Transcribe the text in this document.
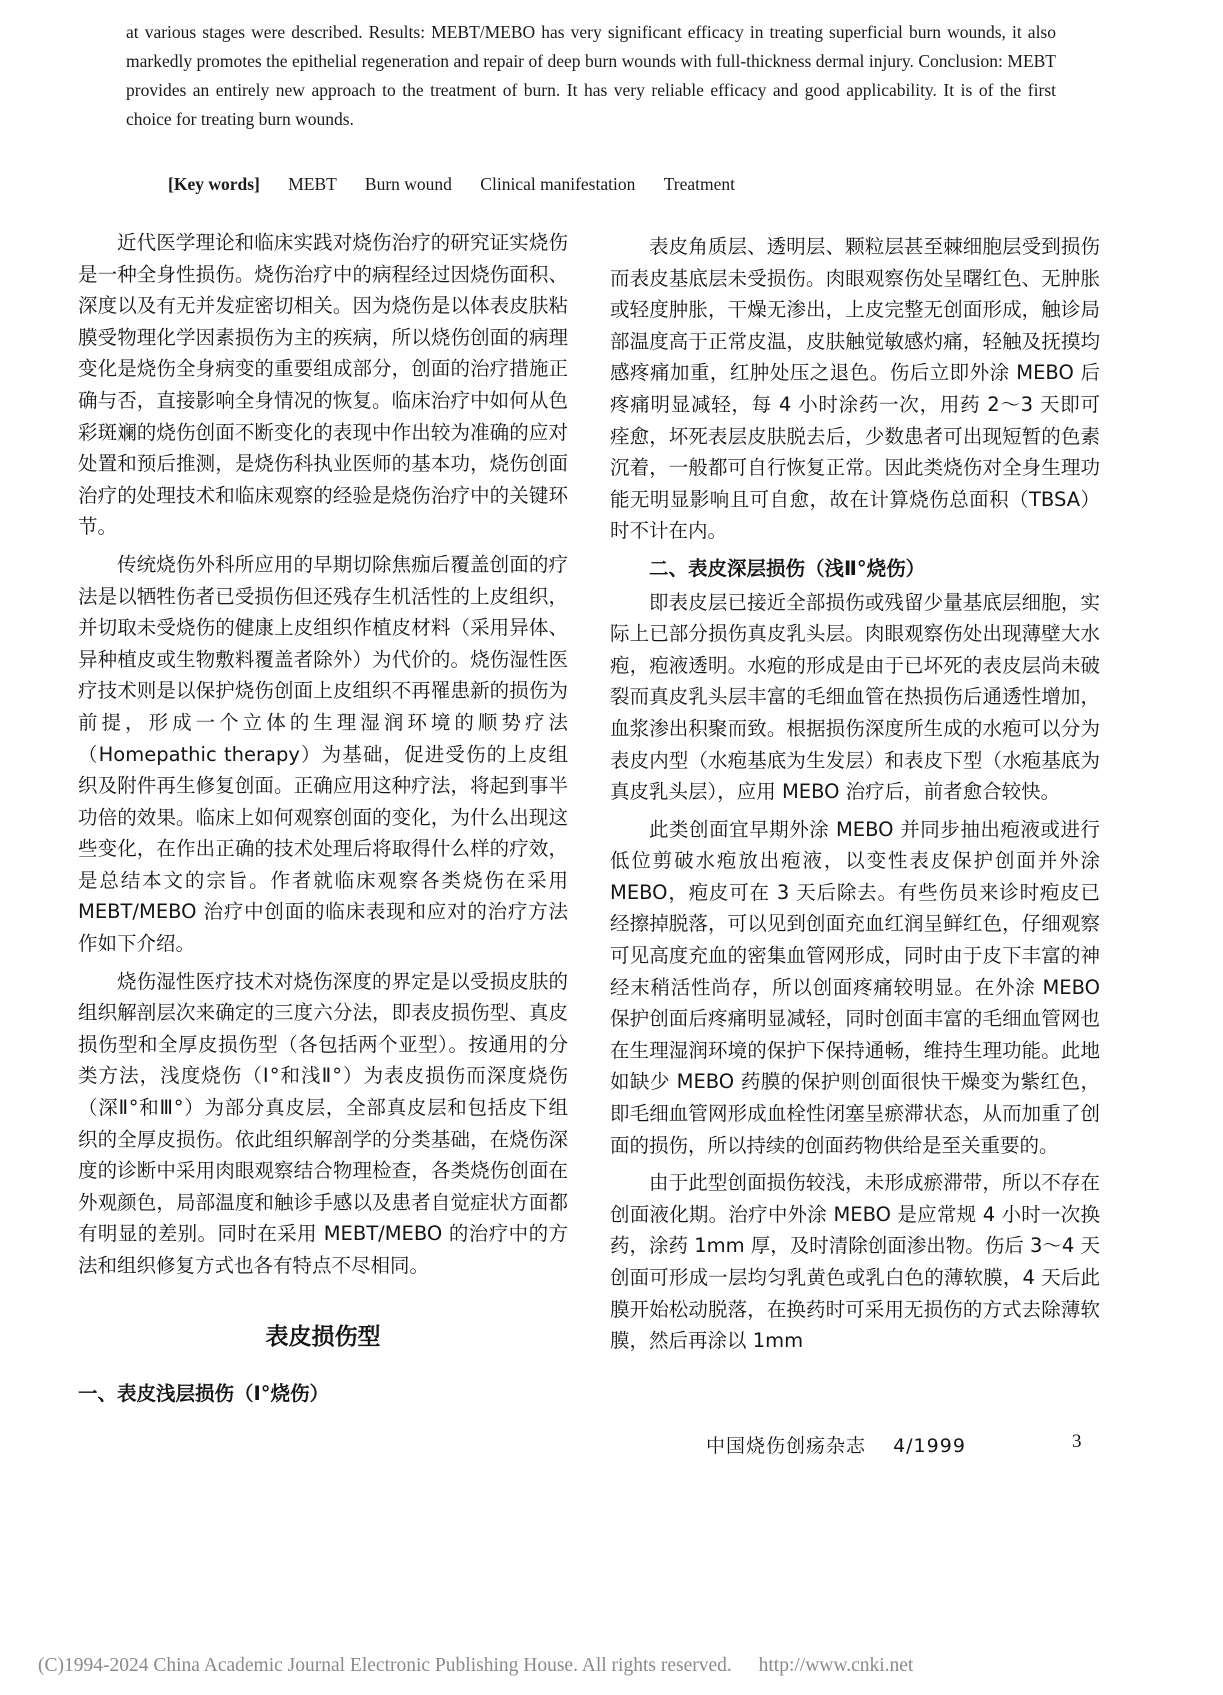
at various stages were described. Results: MEBT/MEBO has very significant efficacy in treating superficial burn wounds, it also markedly promotes the epithelial regeneration and repair of deep burn wounds with full-thickness dermal injury. Conclusion: MEBT provides an entirely new approach to the treatment of burn. It has very reliable efficacy and good applicability. It is of the first choice for treating burn wounds.

[Key words] MEBT Burn wound Clinical manifestation Treatment

近代医学理论和临床实践对烧伤治疗的研究证实烧伤是一种全身性损伤。烧伤治疗中的病程经过因烧伤面积、深度以及有无并发症密切相关。因为烧伤是以体表皮肤粘膜受物理化学因素损伤为主的疾病，所以烧伤创面的病理变化是烧伤全身病变的重要组成部分，创面的治疗措施正确与否，直接影响全身情况的恢复。临床治疗中如何从色彩斑斓的烧伤创面不断变化的表现中作出较为准确的应对处置和预后推测，是烧伤科执业医师的基本功，烧伤创面治疗的处理技术和临床观察的经验是烧伤治疗中的关键环节。

传统烧伤外科所应用的早期切除焦痂后覆盖创面的疗法是以牺牲伤者已受损伤但还残存生机活性的上皮组织，并切取未受烧伤的健康上皮组织作植皮材料（采用异体、异种植皮或生物敷料覆盖者除外）为代价的。烧伤湿性医疗技术则是以保护烧伤创面上皮组织不再罹患新的损伤为前提，形成一个立体的生理湿润环境的顺势疗法（Homepathic therapy）为基础，促进受伤的上皮组织及附件再生修复创面。正确应用这种疗法，将起到事半功倍的效果。临床上如何观察创面的变化，为什么出现这些变化，在作出正确的技术处理后将取得什么样的疗效，是总结本文的宗旨。作者就临床观察各类烧伤在采用 MEBT/MEBO 治疗中创面的临床表现和应对的治疗方法作如下介绍。

烧伤湿性医疗技术对烧伤深度的界定是以受损皮肤的组织解剖层次来确定的三度六分法，即表皮损伤型、真皮损伤型和全厚皮损伤型（各包括两个亚型）。按通用的分类方法，浅度烧伤（Ⅰ°和浅Ⅱ°）为表皮损伤而深度烧伤（深Ⅱ°和Ⅲ°）为部分真皮层，全部真皮层和包括皮下组织的全厚皮损伤。依此组织解剖学的分类基础，在烧伤深度的诊断中采用肉眼观察结合物理检查，各类烧伤创面在外观颜色，局部温度和触诊手感以及患者自觉症状方面都有明显的差别。同时在采用 MEBT/MEBO 的治疗中的方法和组织修复方式也各有特点不尽相同。

表皮损伤型
一、表皮浅层损伤（Ⅰ°烧伤）

表皮角质层、透明层、颗粒层甚至棘细胞层受到损伤而表皮基底层未受损伤。肉眼观察伤处呈曙红色、无肿胀或轻度肿胀，干燥无渗出，上皮完整无创面形成，触诊局部温度高于正常皮温，皮肤触觉敏感灼痛，轻触及抚摸均感疼痛加重，红肿处压之退色。伤后立即外涂 MEBO 后疼痛明显减轻，每 4 小时涂药一次，用药 2～3 天即可痊愈，坏死表层皮肤脱去后，少数患者可出现短暂的色素沉着，一般都可自行恢复正常。因此类烧伤对全身生理功能无明显影响且可自愈，故在计算烧伤总面积（TBSA）时不计在内。

二、表皮深层损伤（浅Ⅱ°烧伤）

即表皮层已接近全部损伤或残留少量基底层细胞，实际上已部分损伤真皮乳头层。肉眼观察伤处出现薄壁大水疱，疱液透明。水疱的形成是由于已坏死的表皮层尚未破裂而真皮乳头层丰富的毛细血管在热损伤后通透性增加，血浆渗出积聚而致。根据损伤深度所生成的水疱可以分为表皮内型（水疱基底为生发层）和表皮下型（水疱基底为真皮乳头层），应用 MEBO 治疗后，前者愈合较快。

此类创面宜早期外涂 MEBO 并同步抽出疱液或进行低位剪破水疱放出疱液，以变性表皮保护创面并外涂 MEBO，疱皮可在 3 天后除去。有些伤员来诊时疱皮已经擦掉脱落，可以见到创面充血红润呈鲜红色，仔细观察可见高度充血的密集血管网形成，同时由于皮下丰富的神经末稍活性尚存，所以创面疼痛较明显。在外涂 MEBO 保护创面后疼痛明显减轻，同时创面丰富的毛细血管网也在生理湿润环境的保护下保持通畅，维持生理功能。此地如缺少 MEBO 药膜的保护则创面很快干燥变为紫红色，即毛细血管网形成血栓性闭塞呈瘀滞状态，从而加重了创面的损伤，所以持续的创面药物供给是至关重要的。

由于此型创面损伤较浅，未形成瘀滞带，所以不存在创面液化期。治疗中外涂 MEBO 是应常规 4 小时一次换药，涂药 1mm 厚，及时清除创面渗出物。伤后 3～4 天创面可形成一层均匀乳黄色或乳白色的薄软膜，4 天后此膜开始松动脱落，在换药时可采用无损伤的方式去除薄软膜，然后再涂以 1mm

中国烧伤创疡杂志 4/1999	3
(C)1994-2024 China Academic Journal Electronic Publishing House. All rights reserved. http://www.cnki.net
